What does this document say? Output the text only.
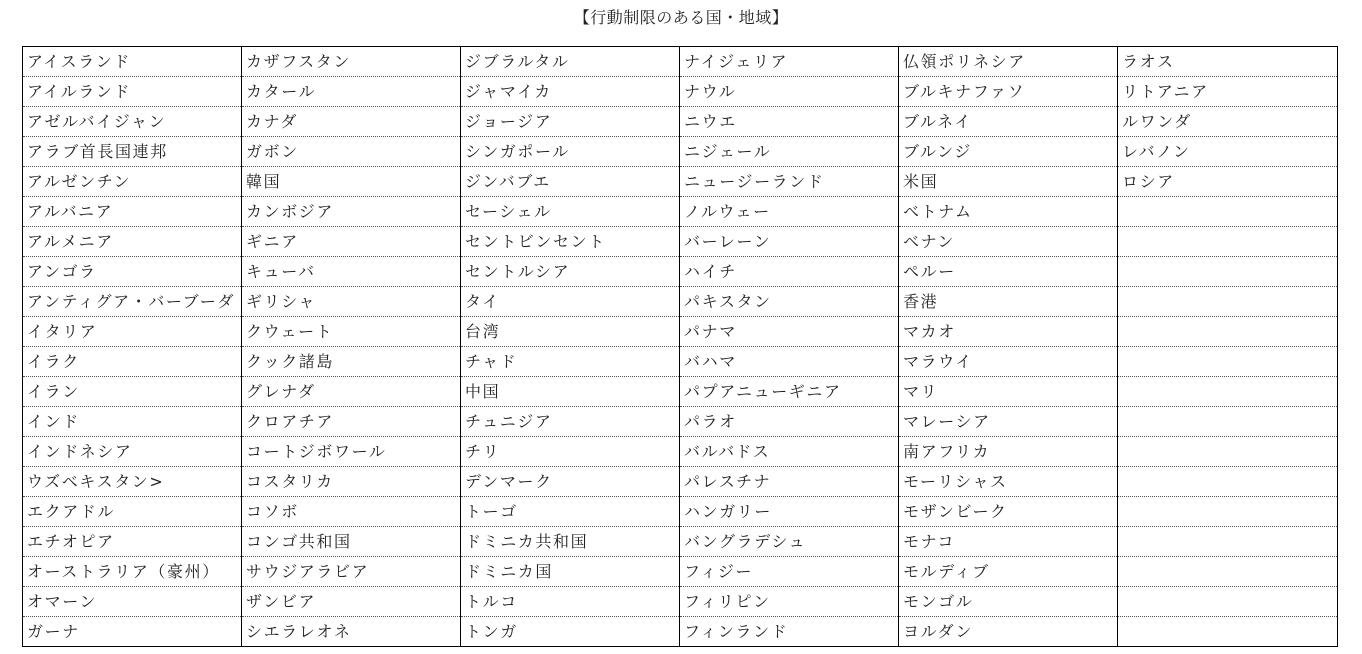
【行動制限のある国・地域】
アイスランド	カザフスタン	ジブラルタル	ナイジェリア	仏領ポリネシア	ラオス
アイルランド	カタール	ジャマイカ	ナウル	ブルキナファソ	リトアニア
アゼルバイジャン	カナダ	ジョージア	ニウエ	ブルネイ	ルワンダ
アラブ首長国連邦	ガボン	シンガポール	ニジェール	ブルンジ	レバノン
アルゼンチン	韓国	ジンバブエ	ニュージーランド	米国	ロシア
アルバニア	カンボジア	セーシェル	ノルウェー	ベトナム	
アルメニア	ギニア	セントビンセント	バーレーン	ベナン	
アンゴラ	キューバ	セントルシア	ハイチ	ペルー	
アンティグア・バーブーダ	ギリシャ	タイ	パキスタン	香港	
イタリア	クウェート	台湾	パナマ	マカオ	
イラク	クック諸島	チャド	バハマ	マラウイ	
イラン	グレナダ	中国	パプアニューギニア	マリ	
インド	クロアチア	チュニジア	パラオ	マレーシア	
インドネシア	コートジボワール	チリ	バルバドス	南アフリカ	
ウズベキスタン>	コスタリカ	デンマーク	パレスチナ	モーリシャス	
エクアドル	コソボ	トーゴ	ハンガリー	モザンビーク	
エチオピア	コンゴ共和国	ドミニカ共和国	バングラデシュ	モナコ	
オーストラリア（豪州）	サウジアラビア	ドミニカ国	フィジー	モルディブ	
オマーン	ザンビア	トルコ	フィリピン	モンゴル	
ガーナ	シエラレオネ	トンガ	フィンランド	ヨルダン	
